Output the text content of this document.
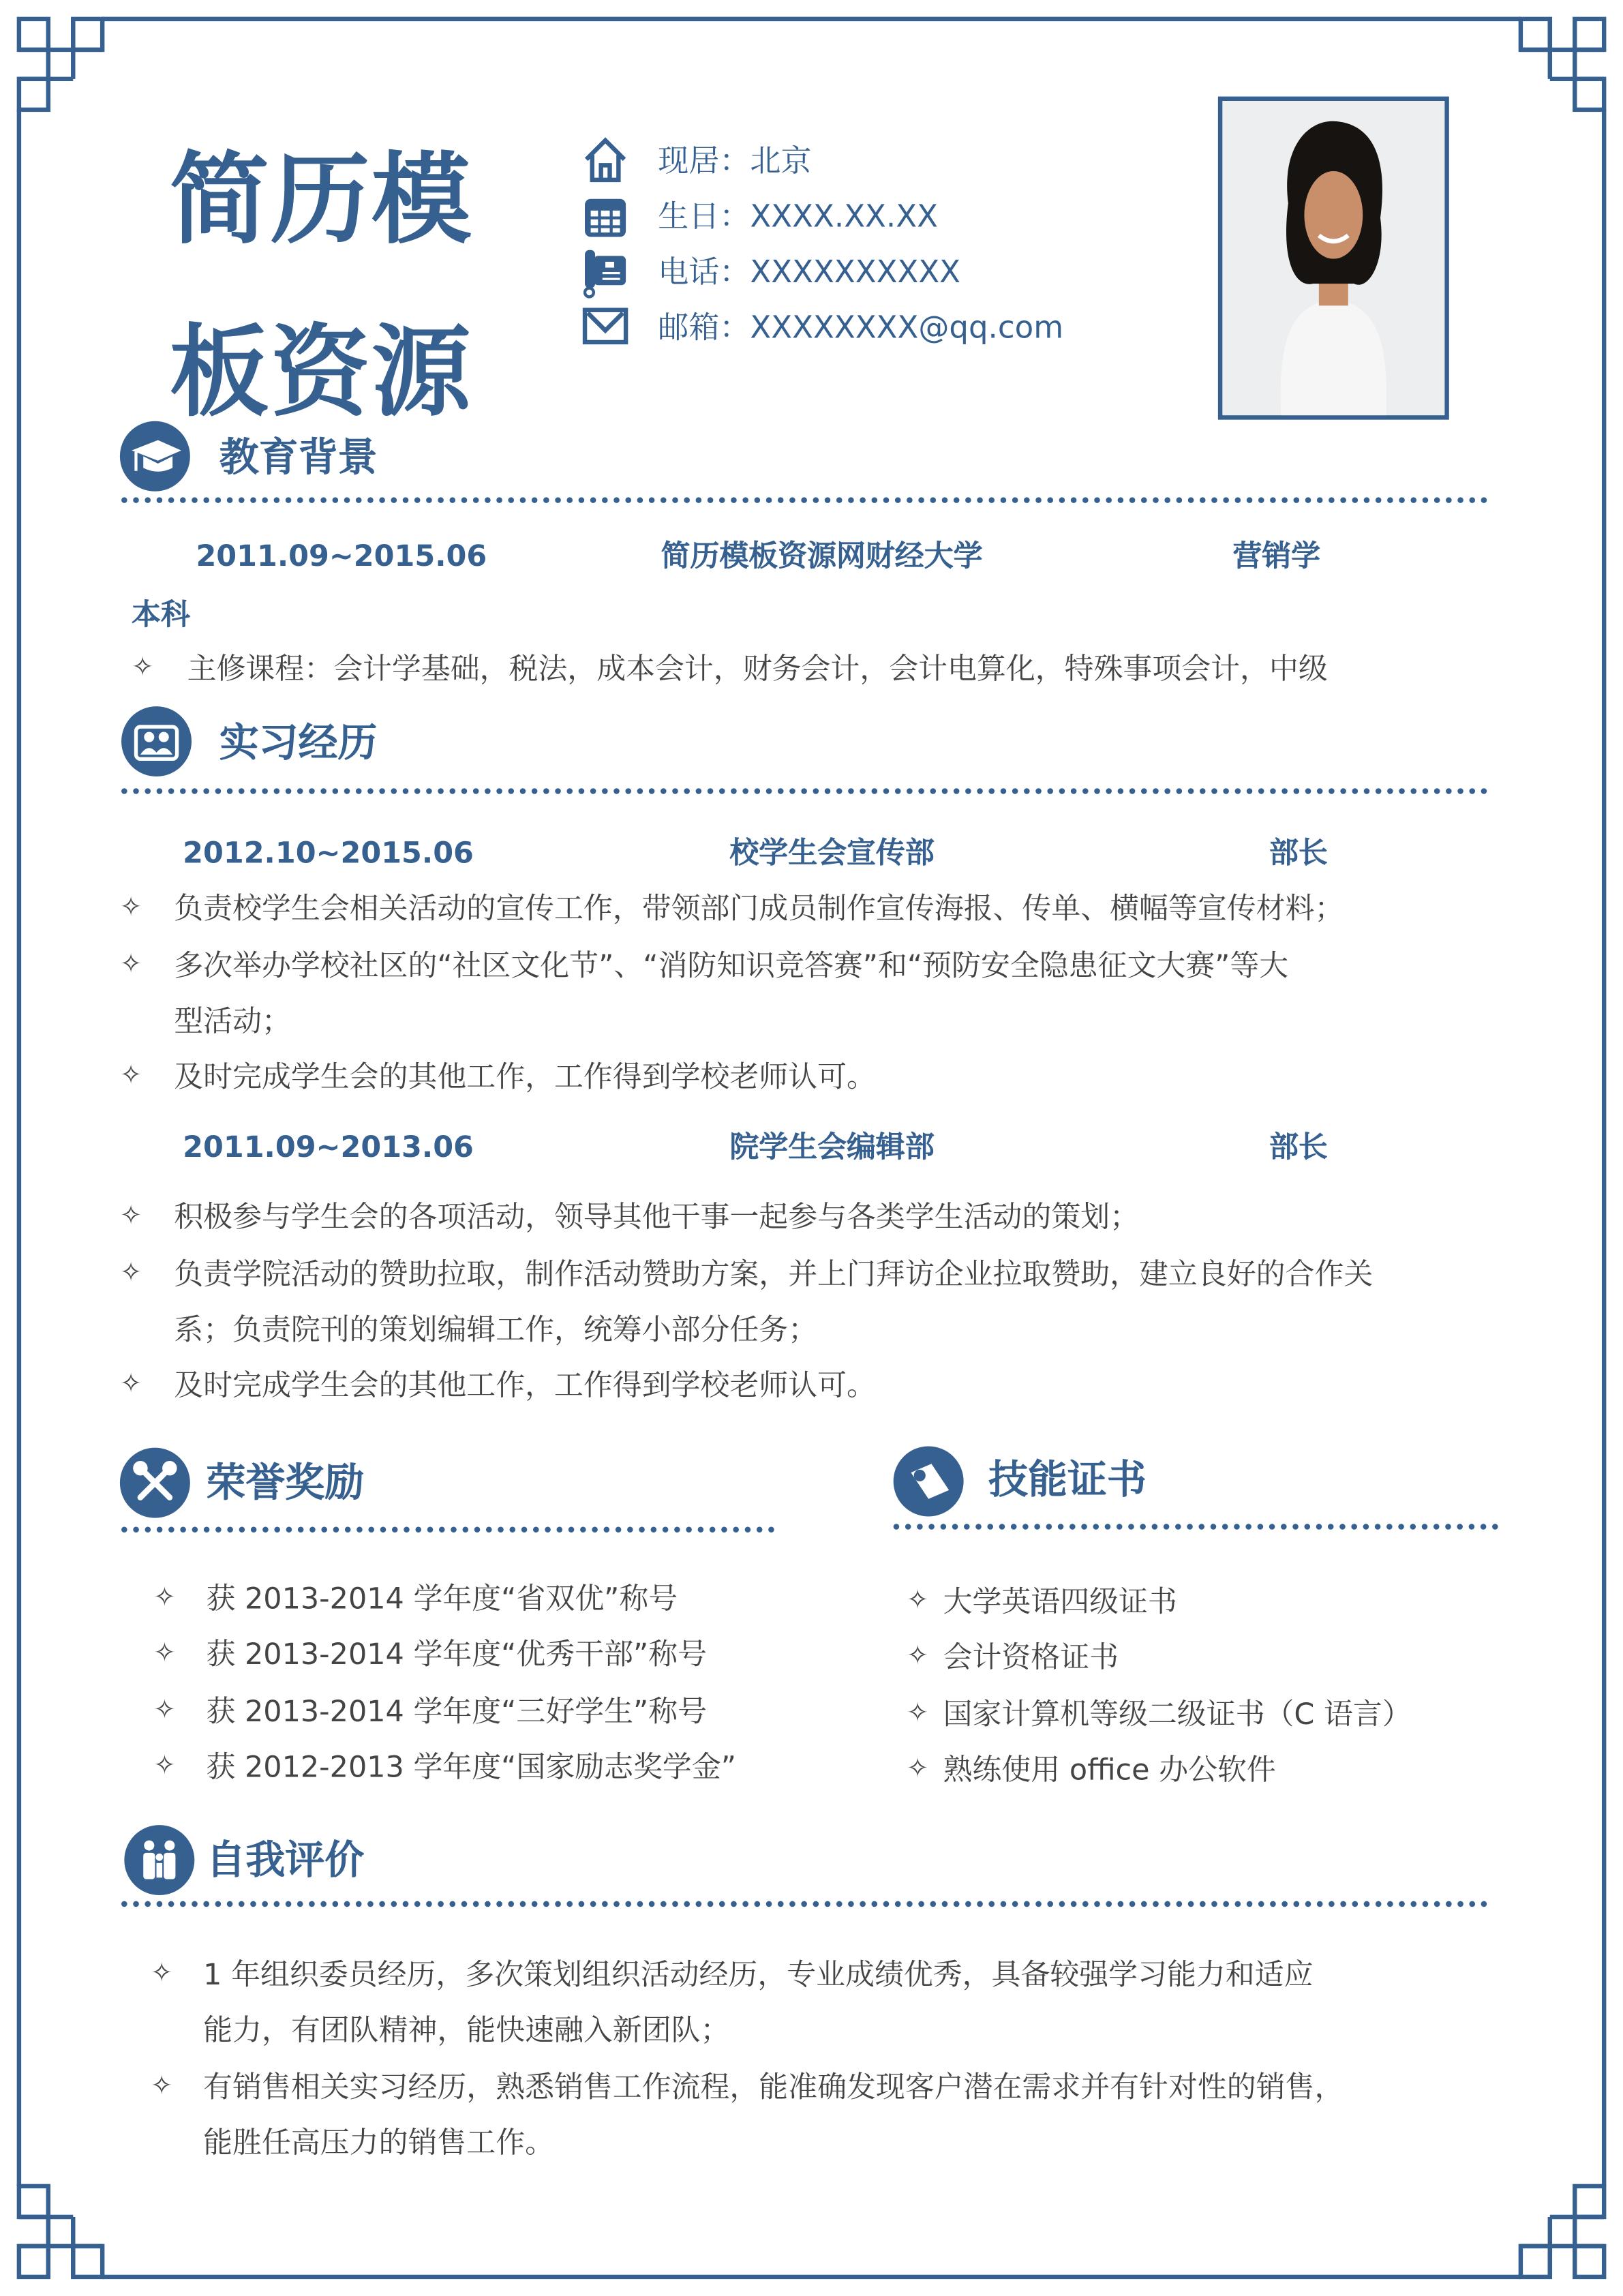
简历模
板资源
现居：北京
生日：XXXX.XX.XX
电话：XXXXXXXXXX
邮箱：XXXXXXXX@qq.com
教育背景
2011.09~2015.06	简历模板资源网财经大学	营销学
本科
✧ 主修课程：会计学基础，税法，成本会计，财务会计，会计电算化，特殊事项会计，中级
实习经历
2012.10~2015.06	校学生会宣传部	部长
✧ 负责校学生会相关活动的宣传工作，带领部门成员制作宣传海报、传单、横幅等宣传材料；
✧ 多次举办学校社区的“社区文化节”、“消防知识竞答赛”和“预防安全隐患征文大赛”等大
型活动；
✧ 及时完成学生会的其他工作，工作得到学校老师认可。
2011.09~2013.06	院学生会编辑部	部长
✧ 积极参与学生会的各项活动，领导其他干事一起参与各类学生活动的策划；
✧ 负责学院活动的赞助拉取，制作活动赞助方案，并上门拜访企业拉取赞助，建立良好的合作关
系；负责院刊的策划编辑工作，统筹小部分任务；
✧ 及时完成学生会的其他工作，工作得到学校老师认可。
荣誉奖励
✧ 获 2013-2014 学年度“省双优”称号
✧ 获 2013-2014 学年度“优秀干部”称号
✧ 获 2013-2014 学年度“三好学生”称号
✧ 获 2012-2013 学年度“国家励志奖学金”
技能证书
✧ 大学英语四级证书
✧ 会计资格证书
✧ 国家计算机等级二级证书（C 语言）
✧ 熟练使用 office 办公软件
自我评价
✧ 1 年组织委员经历，多次策划组织活动经历，专业成绩优秀，具备较强学习能力和适应
能力，有团队精神，能快速融入新团队；
✧ 有销售相关实习经历，熟悉销售工作流程，能准确发现客户潜在需求并有针对性的销售，
能胜任高压力的销售工作。
